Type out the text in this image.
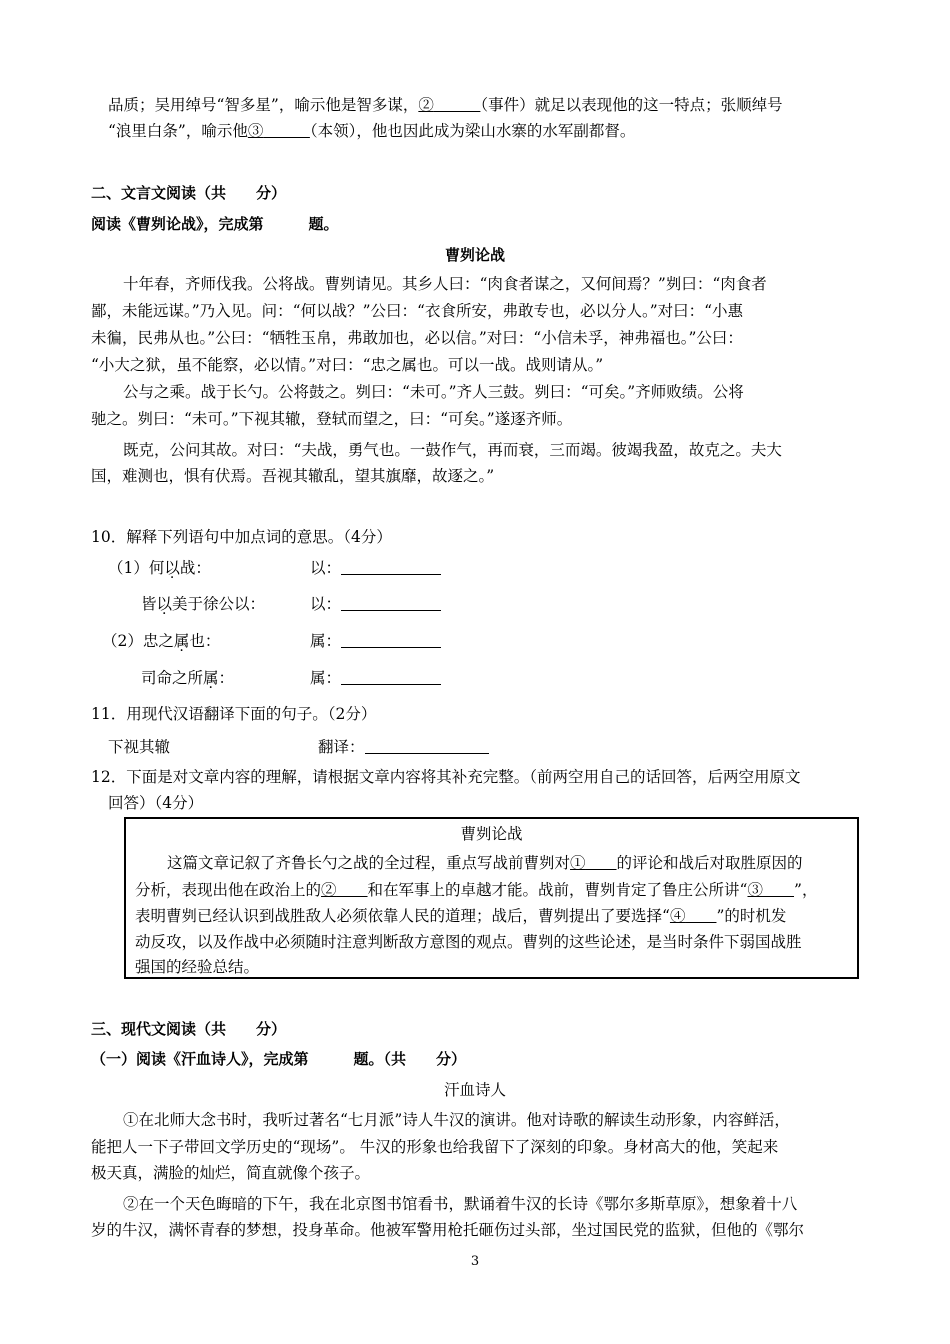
品质；吴用绰号“智多星”，喻示他是智多谋，②　　　	（事件）就足以表现他的这一特点；张顺绰号
“浪里白条”，喻示他③　　　	（本领），他也因此成为梁山水寨的水军副都督。
二、文言文阅读（共　　分）
阅读《曹刿论战》，完成第　　　题。
曹刿论战
十年春，齐师伐我。公将战。曹刿请见。其乡人曰：“肉食者谋之，又何间焉？”刿曰：“肉食者
鄙，未能远谋。”乃入见。问：“何以战？”公曰：“衣食所安，弗敢专也，必以分人。”对曰：“小惠
未徧，民弗从也。”公曰：“牺牲玉帛，弗敢加也，必以信。”对曰：“小信未孚，神弗福也。”公曰：
“小大之狱，虽不能察，必以情。”对曰：“忠之属也。可以一战。战则请从。”
公与之乘。战于长勺。公将鼓之。刿曰：“未可。”齐人三鼓。刿曰：“可矣。”齐师败绩。公将
驰之。刿曰：“未可。”下视其辙，登轼而望之，曰：“可矣。”遂逐齐师。
既克，公问其故。对曰：“夫战，勇气也。一鼓作气，再而衰，三而竭。彼竭我盈，故克之。夫大
国，难测也，惧有伏焉。吾视其辙乱，望其旗靡，故逐之。”
10．解释下列语句中加点词的意思。（4分）
（1）何以战：	以：
皆以美于徐公以：	以：
（2）忠之属也：	属：
司命之所属：	属：
11．用现代汉语翻译下面的句子。（2分）
下视其辙	翻译：
12．下面是对文章内容的理解，请根据文章内容将其补充完整。（前两空用自己的话回答，后两空用原文
回答）（4分）
曹刿论战
这篇文章记叙了齐鲁长勺之战的全过程，重点写战前曹刿对①　　 的评论和战后对取胜原因的
分析，表现出他在政治上的②　　 和在军事上的卓越才能。战前，曹刿肯定了鲁庄公所讲“③　　 ”，
表明曹刿已经认识到战胜敌人必须依靠人民的道理；战后，曹刿提出了要选择“④　　 ”的时机发
动反攻，以及作战中必须随时注意判断敌方意图的观点。曹刿的这些论述，是当时条件下弱国战胜
强国的经验总结。
三、现代文阅读（共　　分）
（一）阅读《汗血诗人》，完成第　　　题。（共　　分）
汗血诗人
①在北师大念书时，我听过著名“七月派”诗人牛汉的演讲。他对诗歌的解读生动形象，内容鲜活，
能把人一下子带回文学历史的“现场”。 牛汉的形象也给我留下了深刻的印象。身材高大的他，笑起来
极天真，满脸的灿烂，简直就像个孩子。
②在一个天色晦暗的下午，我在北京图书馆看书，默诵着牛汉的长诗《鄂尔多斯草原》，想象着十八
岁的牛汉，满怀青春的梦想，投身革命。他被军警用枪托砸伤过头部，坐过国民党的监狱，但他的《鄂尔
3
